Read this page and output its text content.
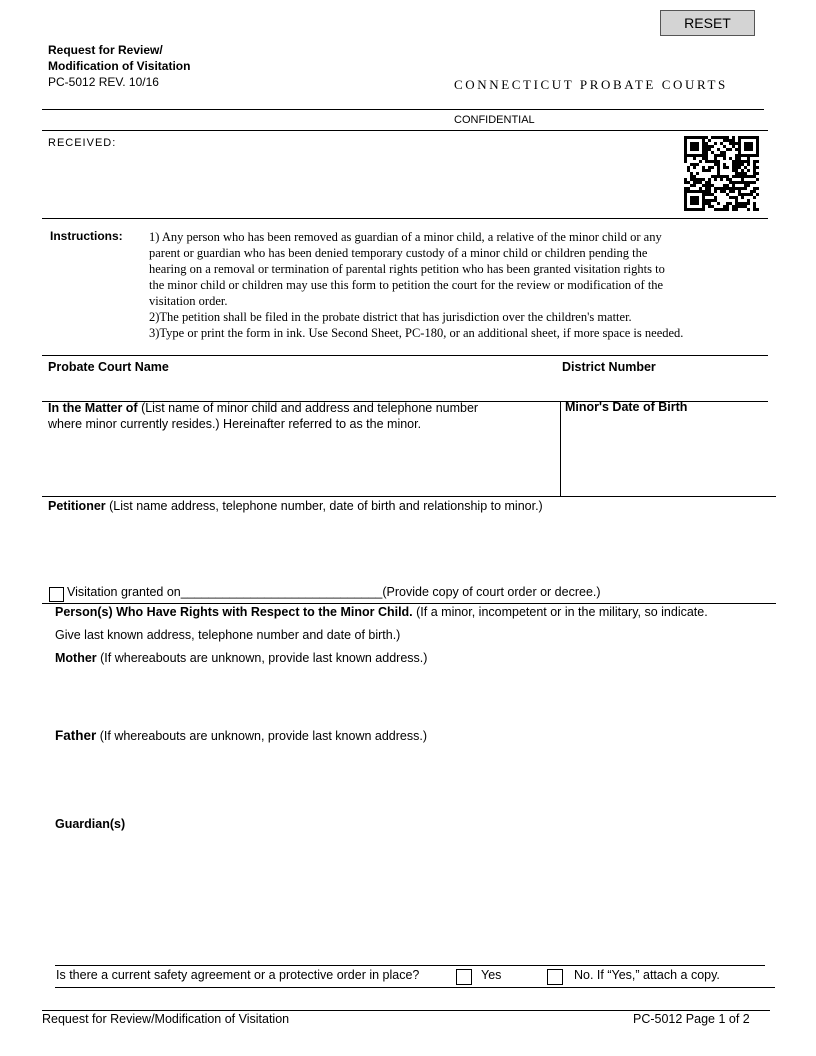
RESET
Request for Review/
Modification of Visitation
PC-5012 REV. 10/16	CONNECTICUT PROBATE COURTS
CONFIDENTIAL
RECEIVED:
Instructions: 1) Any person who has been removed as guardian of a minor child, a relative of the minor child or any
parent or guardian who has been denied temporary custody of a minor child or children pending the
hearing on a removal or termination of parental rights petition who has been granted visitation rights to
the minor child or children may use this form to petition the court for the review or modification of the
visitation order.
2)The petition shall be filed in the probate district that has jurisdiction over the children's matter.
3)Type or print the form in ink. Use Second Sheet, PC-180, or an additional sheet, if more space is needed.
Probate Court Name	District Number
In the Matter of (List name of minor child and address and telephone number
where minor currently resides.) Hereinafter referred to as the minor.
Minor's Date of Birth
Petitioner (List name address, telephone number, date of birth and relationship to minor.)
Visitation granted on_____________________________(Provide copy of court order or decree.)
Person(s) Who Have Rights with Respect to the Minor Child. (If a minor, incompetent or in the military, so indicate.
Give last known address, telephone number and date of birth.)
Mother (If whereabouts are unknown, provide last known address.)
Father (If whereabouts are unknown, provide last known address.)
Guardian(s)
Is there a current safety agreement or a protective order in place?	Yes	No. If “Yes,” attach a copy.
Request for Review/Modification of Visitation	PC-5012 Page 1 of 2
